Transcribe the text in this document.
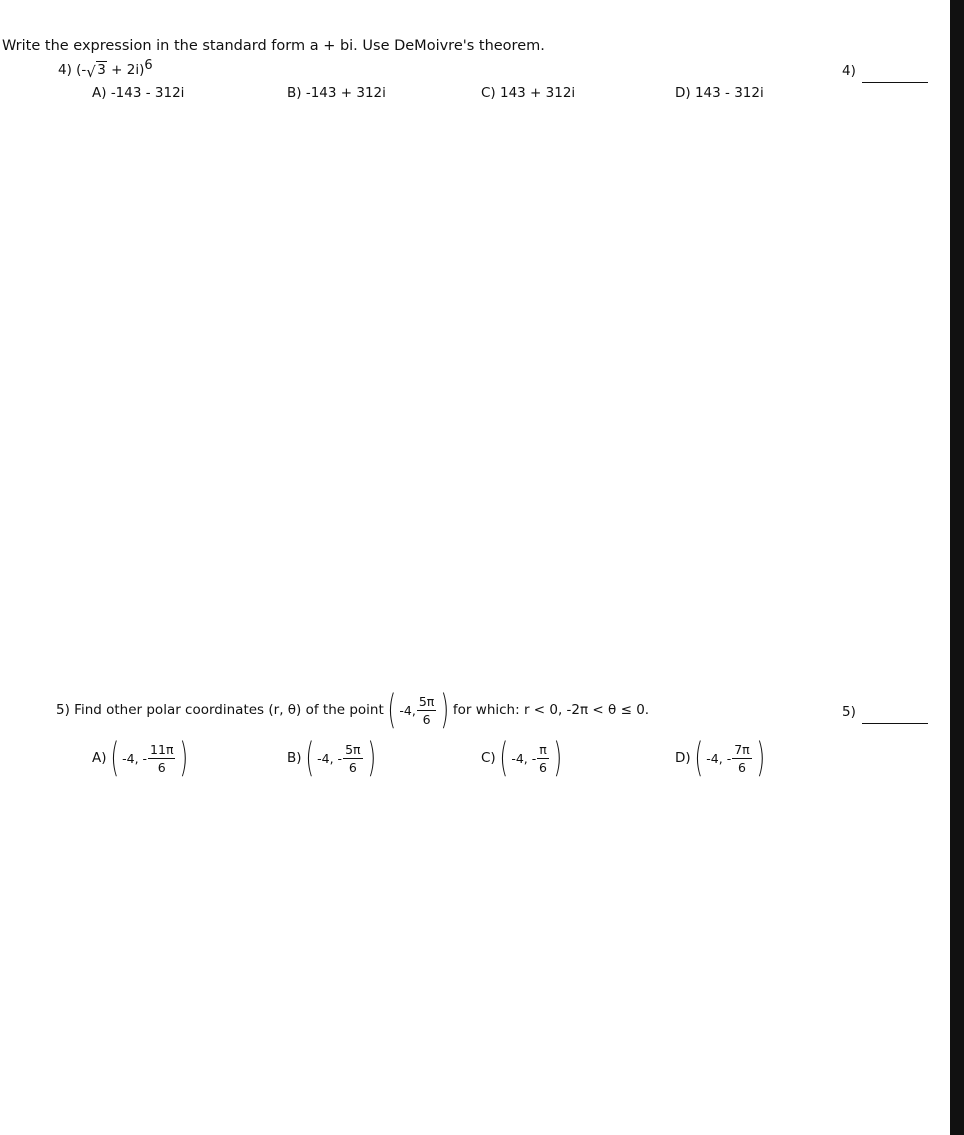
Write the expression in the standard form a + bi. Use DeMoivre's theorem.
4) (- √ 3 + 2i)6	4)
A) -143 - 312i	B) -143 + 312i	C) 143 + 312i	D) 143 - 312i
5)
Find other polar coordinates (r, θ) of the point ( -4, $\frac{5\pi}{6}$ ) for which: r < 0, -2π < θ ≤ 0.	5)
A) ( -4, - $\frac{11\pi}{6}$ )	B) ( -4, - $\frac{5\pi}{6}$ )	C) ( -4, - $\frac{\pi}{6}$ )	D) ( -4, - $\frac{7\pi}{6}$ )
